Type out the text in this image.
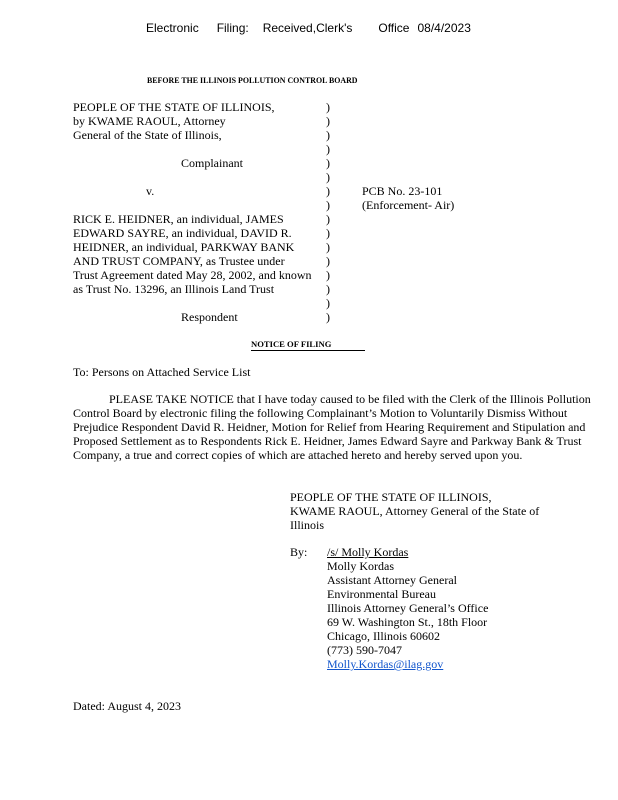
Electronic Filing: Received,Clerk's Office 08/4/2023
BEFORE THE ILLINOIS POLLUTION CONTROL BOARD
PEOPLE OF THE STATE OF ILLINOIS,
by KWAME RAOUL, Attorney
General of the State of Illinois,
Complainant
v.
RICK E. HEIDNER, an individual, JAMES
EDWARD SAYRE, an individual, DAVID R.
HEIDNER, an individual, PARKWAY BANK
AND TRUST COMPANY, as Trustee under
Trust Agreement dated May 28, 2002, and known
as Trust No. 13296, an Illinois Land Trust
Respondent
)
)
)
)
)
)
)
)
)
)
)
)
)
)
)
)
PCB No. 23-101
(Enforcement- Air)
NOTICE OF FILING
To: Persons on Attached Service List
PLEASE TAKE NOTICE that I have today caused to be filed with the Clerk of the Illinois Pollution Control Board by electronic filing the following Complainant’s Motion to Voluntarily Dismiss Without Prejudice Respondent David R. Heidner, Motion for Relief from Hearing Requirement and Stipulation and Proposed Settlement as to Respondents Rick E. Heidner, James Edward Sayre and Parkway Bank & Trust Company, a true and correct copies of which are attached hereto and hereby served upon you.
PEOPLE OF THE STATE OF ILLINOIS,
KWAME RAOUL, Attorney General of the State of
Illinois
By: /s/ Molly Kordas
Molly Kordas
Assistant Attorney General
Environmental Bureau
Illinois Attorney General’s Office
69 W. Washington St., 18th Floor
Chicago, Illinois 60602
(773) 590-7047
Molly.Kordas@ilag.gov
Dated: August 4, 2023
